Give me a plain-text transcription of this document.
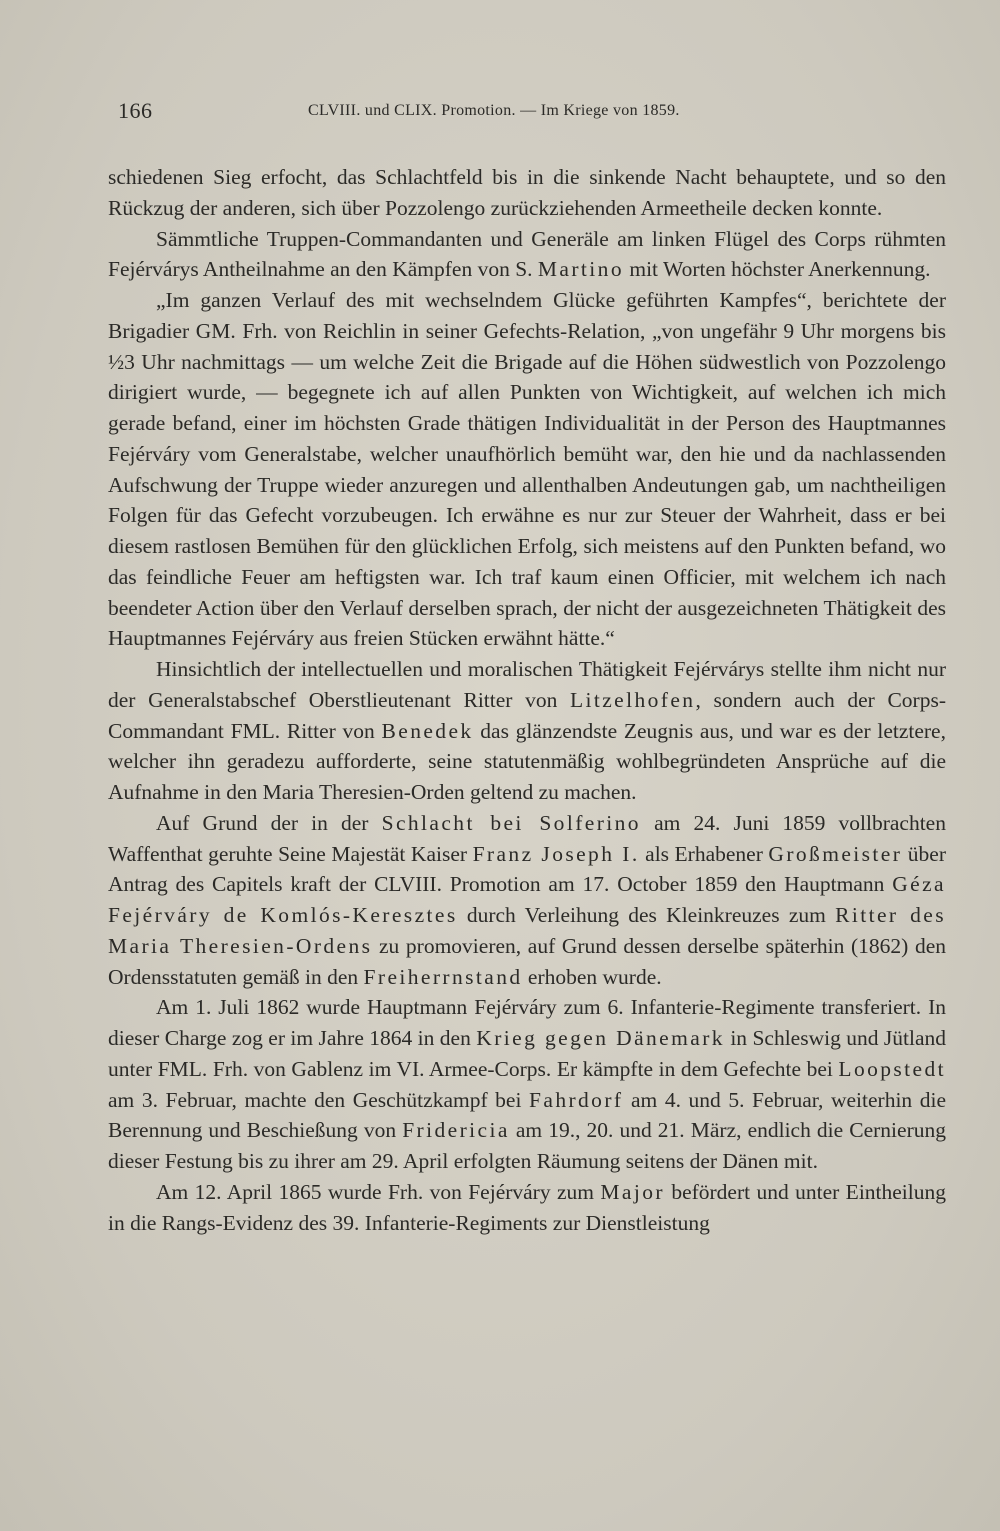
166	CLVIII. und CLIX. Promotion. — Im Kriege von 1859.

schiedenen Sieg erfocht, das Schlachtfeld bis in die sinkende Nacht behauptete, und so den Rückzug der anderen, sich über Pozzolengo zurückziehenden Armeetheile decken konnte.

Sämmtliche Truppen-Commandanten und Generäle am linken Flügel des Corps rühmten Fejérvárys Antheilnahme an den Kämpfen von S. Martino mit Worten höchster Anerkennung.

„Im ganzen Verlauf des mit wechselndem Glücke geführten Kampfes“, berichtete der Brigadier GM. Frh. von Reichlin in seiner Gefechts-Relation, „von ungefähr 9 Uhr morgens bis ½3 Uhr nachmittags — um welche Zeit die Brigade auf die Höhen südwestlich von Pozzolengo dirigiert wurde, — begegnete ich auf allen Punkten von Wichtigkeit, auf welchen ich mich gerade befand, einer im höchsten Grade thätigen Individualität in der Person des Hauptmannes Fejérváry vom Generalstabe, welcher unaufhörlich bemüht war, den hie und da nachlassenden Aufschwung der Truppe wieder anzuregen und allenthalben Andeutungen gab, um nachtheiligen Folgen für das Gefecht vorzubeugen. Ich erwähne es nur zur Steuer der Wahrheit, dass er bei diesem rastlosen Bemühen für den glücklichen Erfolg, sich meistens auf den Punkten befand, wo das feindliche Feuer am heftigsten war. Ich traf kaum einen Officier, mit welchem ich nach beendeter Action über den Verlauf derselben sprach, der nicht der ausgezeichneten Thätigkeit des Hauptmannes Fejérváry aus freien Stücken erwähnt hätte.“

Hinsichtlich der intellectuellen und moralischen Thätigkeit Fejérvárys stellte ihm nicht nur der Generalstabschef Oberstlieutenant Ritter von Litzelhofen, sondern auch der Corps-Commandant FML. Ritter von Benedek das glänzendste Zeugnis aus, und war es der letztere, welcher ihn geradezu aufforderte, seine statutenmäßig wohlbegründeten Ansprüche auf die Aufnahme in den Maria Theresien-Orden geltend zu machen.

Auf Grund der in der Schlacht bei Solferino am 24. Juni 1859 vollbrachten Waffenthat geruhte Seine Majestät Kaiser Franz Joseph I. als Erhabener Großmeister über Antrag des Capitels kraft der CLVIII. Promotion am 17. October 1859 den Hauptmann Géza Fejérváry de Komlós-Keresztes durch Verleihung des Kleinkreuzes zum Ritter des Maria Theresien-Ordens zu promovieren, auf Grund dessen derselbe späterhin (1862) den Ordensstatuten gemäß in den Freiherrnstand erhoben wurde.

Am 1. Juli 1862 wurde Hauptmann Fejérváry zum 6. Infanterie-Regimente transferiert. In dieser Charge zog er im Jahre 1864 in den Krieg gegen Dänemark in Schleswig und Jütland unter FML. Frh. von Gablenz im VI. Armee-Corps. Er kämpfte in dem Gefechte bei Loopstedt am 3. Februar, machte den Geschützkampf bei Fahrdorf am 4. und 5. Februar, weiterhin die Berennung und Beschießung von Fridericia am 19., 20. und 21. März, endlich die Cernierung dieser Festung bis zu ihrer am 29. April erfolgten Räumung seitens der Dänen mit.

Am 12. April 1865 wurde Frh. von Fejérváry zum Major befördert und unter Eintheilung in die Rangs-Evidenz des 39. Infanterie-Regiments zur Dienstleistung
